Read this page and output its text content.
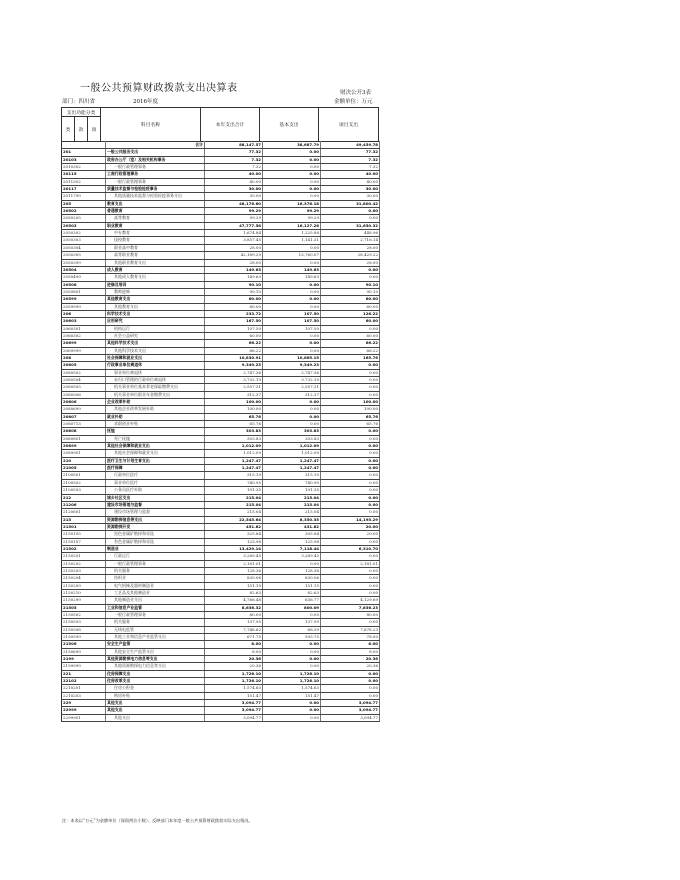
一般公共预算财政拨款支出决算表	财决公开3表
金额单位：万元
部门：四川省	2016年度
支出功能分类			科目名称	本年支出合计	基本支出	项目支出
类	款	项				
	合计	88,147.57	38,687.79	49,459.78
201	一般公共服务支出	77.32	0.00	77.32
20103	政府办公厅（室）及相关机构事务	7.32	0.00	7.32
2010302	一般行政管理事务	7.32	0.00	7.32
20115	工商行政管理事务	40.00	0.00	40.00
2011502	一般行政管理事务	40.00	0.00	40.00
20117	质量技术监督与检验检疫事务	30.00	0.00	30.00
2011799	其他质量技术监督与检验检疫事务支出	30.00	0.00	30.00
205	教育支出	48,176.60	16,376.18	31,800.42
20502	普通教育	99.29	99.29	0.00
2050205	高等教育	99.29	99.29	0.00
20503	职业教育	47,777.58	16,127.26	31,650.32
2050302	中专教育	1,674.84	1,225.88	448.96
2050303	技校教育	3,857.45	1,141.31	2,716.14
2050304	职业高中教育	28.00	0.00	28.00
2050305	高等职业教育	42,189.29	13,760.07	28,429.22
2050399	其他职业教育支出	28.00	0.00	28.00
20504	成人教育	149.63	149.63	0.00
2050499	其他成人教育支出	149.63	149.63	0.00
20508	进修及培训	90.10	0.00	90.10
2050801	教师进修	90.10	0.00	90.10
20599	其他教育支出	60.00	0.00	60.00
2059999	其他教育支出	60.00	0.00	60.00
206	科学技术支出	233.72	107.50	126.22
20603	应用研究	167.50	107.50	60.00
2060301	机构运行	107.50	107.50	0.00
2060302	社会公益研究	60.00	0.00	60.00
20699	其他科学技术支出	66.22	0.00	66.22
2069999	其他科学技术支出	66.22	0.00	66.22
208	社会保障和就业支出	10,830.91	10,665.15	165.76
20805	行政事业单位离退休	9,349.23	9,349.23	0.00
2080502	事业单位离退休	2,747.36	2,747.36	0.00
2080504	未归口管理的行政单位离退休	3,732.19	3,732.19	0.00
2080505	机关事业单位基本养老保险缴费支出	2,557.31	2,557.31	0.00
2080506	机关事业单位职业年金缴费支出	312.37	312.37	0.00
20806	企业改革补助	100.00	0.00	100.00
2080699	其他企业改革发展补助	100.00	0.00	100.00
20807	就业补助	65.76	0.00	65.76
2080713	求职创业补贴	65.76	0.00	65.76
20808	抚恤	303.83	303.83	0.00
2080801	死亡抚恤	303.83	303.83	0.00
20899	其他社会保障和就业支出	1,012.09	1,012.09	0.00
2089901	其他社会保障和就业支出	1,012.09	1,012.09	0.00
210	医疗卫生与计划生育支出	1,247.47	1,247.47	0.00
21005	医疗保障	1,247.47	1,247.47	0.00
2100501	行政单位医疗	315.19	315.19	0.00
2100502	事业单位医疗	740.95	740.95	0.00
2100503	公务员医疗补助	191.35	191.35	0.00
212	城乡社区支出	215.04	215.04	0.00
21206	建设市场管理与监督	215.04	215.04	0.00
2120601	建设市场管理与监督	215.04	215.04	0.00
215	资源勘探信息等支出	22,545.64	8,350.35	14,195.29
21501	资源勘探开发	451.82	431.82	20.00
2150105	黑色金属矿勘探和采选	325.84	305.84	20.00
2150107	有色金属矿勘探和采选	125.98	125.98	0.00
21502	制造业	13,429.14	7,118.44	6,310.70
2150201	行政运行	3,289.45	3,289.45	0.00
2150202	一般行政管理事务	2,181.01	0.00	2,181.01
2150203	机关服务	128.36	128.36	0.00
2150204	纺织业	830.06	830.06	0.00
2150209	电气机械及器材制造业	151.15	151.15	0.00
2150210	工艺品及其他制造业	82.63	82.63	0.00
2150299	其他制造业支出	4,766.48	636.77	4,129.69
21505	工业和信息产业监管	8,636.32	800.09	7,836.23
2150502	一般行政管理事务	80.00	0.00	80.00
2150503	机关服务	137.95	137.95	0.00
2150508	无线电监管	7,746.62	68.39	7,678.23
2150599	其他工业和信息产业监管支出	671.75	593.75	78.00
21506	安全生产监管	8.00	0.00	8.00
2150699	其他安全生产监管支出	8.00	0.00	8.00
2199	其他资源勘探电力信息等支出	20.36	0.00	20.36
2199999	其他资源勘探电力信息等支出	20.36	0.00	20.36
221	住房保障支出	1,726.10	1,726.10	0.00
22102	住房改革支出	1,726.10	1,726.10	0.00
2210201	住房公积金	1,574.63	1,574.63	0.00
2210203	购房补贴	151.47	151.47	0.00
229	其他支出	3,094.77	0.00	3,094.77
22999	其他支出	3,094.77	0.00	3,094.77
2299901	其他支出	3,094.77	0.00	3,094.77
注：本表以“万元”为金额单位（保留两位小数）。反映部门本年度一般公共预算财政拨款实际支出情况。
